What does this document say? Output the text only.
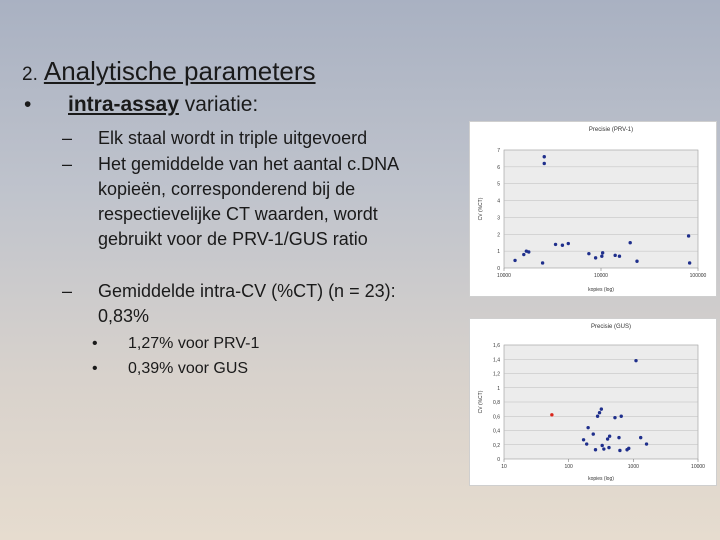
2. Analytische parameters
• intra-assay variatie:
– Elk staal wordt in triple uitgevoerd
– Het gemiddelde van het aantal c.DNA kopieën, corresponderend bij de respectievelijke CT waarden, wordt gebruikt voor de PRV-1/GUS ratio
– Gemiddelde intra-CV (%CT) (n = 23): 0,83%
• 1,27% voor PRV-1
• 0,39% voor GUS
Precisie (PRV-1)
0
1
2
3
4
5
6
7
10000	10000	100000
kopies (log)
CV (%CT)
Precisie (GUS)
0
0,2
0,4
0,6
0,8
1
1,2
1,4
1,6
10	100	1000	10000
kopies (log)
CV (%CT)
